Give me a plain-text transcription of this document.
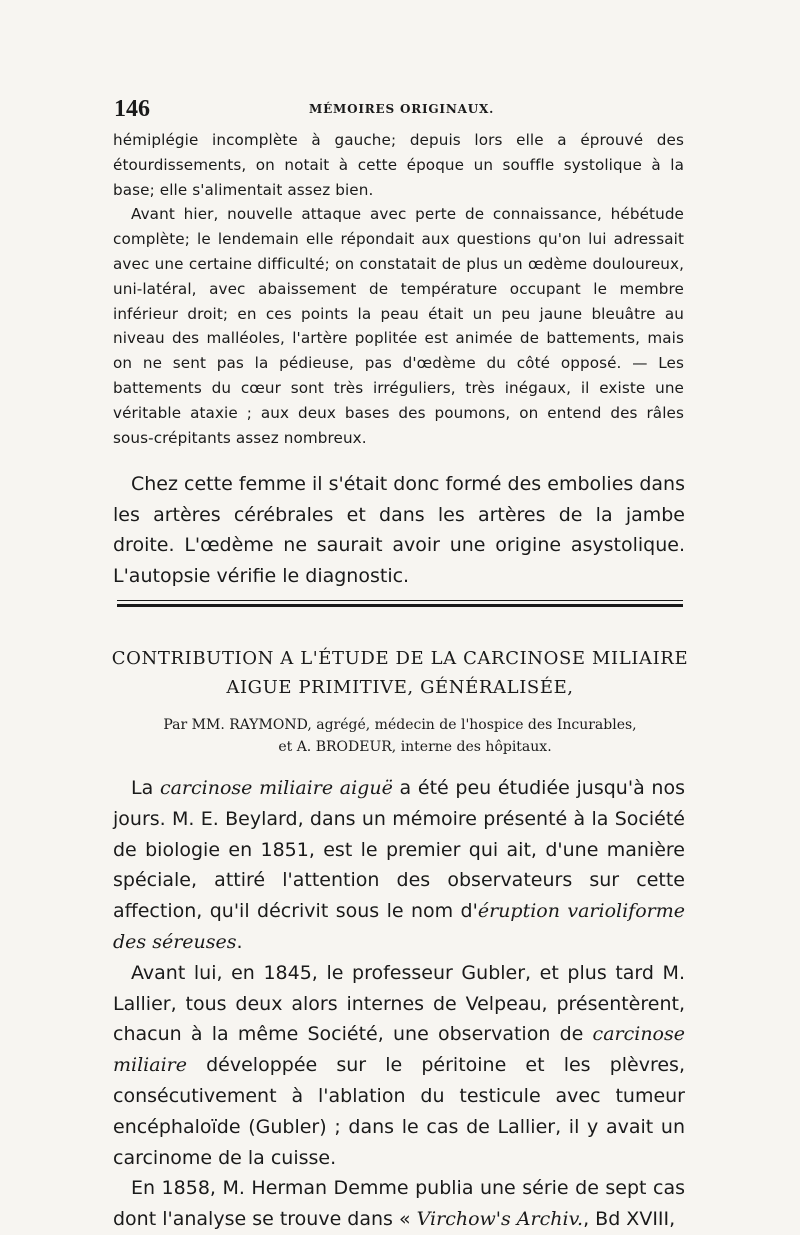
146	MÉMOIRES ORIGINAUX.

hémiplégie incomplète à gauche; depuis lors elle a éprouvé des étourdissements, on notait à cette époque un souffle systolique à la base; elle s'alimentait assez bien.

Avant hier, nouvelle attaque avec perte de connaissance, hébétude complète; le lendemain elle répondait aux questions qu'on lui adressait avec une certaine difficulté; on constatait de plus un œdème douloureux, uni-latéral, avec abaissement de température occupant le membre inférieur droit; en ces points la peau était un peu jaune bleuâtre au niveau des malléoles, l'artère poplitée est animée de battements, mais on ne sent pas la pédieuse, pas d'œdème du côté opposé. — Les battements du cœur sont très irréguliers, très inégaux, il existe une véritable ataxie ; aux deux bases des poumons, on entend des râles sous-crépitants assez nombreux.

Chez cette femme il s'était donc formé des embolies dans les artères cérébrales et dans les artères de la jambe droite. L'œdème ne saurait avoir une origine asystolique. L'autopsie vérifie le diagnostic.

CONTRIBUTION A L'ÉTUDE DE LA CARCINOSE MILIAIRE
AIGUE PRIMITIVE, GÉNÉRALISÉE,
Par MM. RAYMOND, agrégé, médecin de l'hospice des Incurables,
et A. BRODEUR, interne des hôpitaux.

La carcinose miliaire aiguë a été peu étudiée jusqu'à nos jours. M. E. Beylard, dans un mémoire présenté à la Société de biologie en 1851, est le premier qui ait, d'une manière spéciale, attiré l'attention des observateurs sur cette affection, qu'il décrivit sous le nom d'éruption varioliforme des séreuses.

Avant lui, en 1845, le professeur Gubler, et plus tard M. Lallier, tous deux alors internes de Velpeau, présentèrent, chacun à la même Société, une observation de carcinose miliaire développée sur le péritoine et les plèvres, consécutivement à l'ablation du testicule avec tumeur encéphaloïde (Gubler) ; dans le cas de Lallier, il y avait un carcinome de la cuisse.

En 1858, M. Herman Demme publia une série de sept cas dont l'analyse se trouve dans « Virchow's Archiv., Bd XVIII,
